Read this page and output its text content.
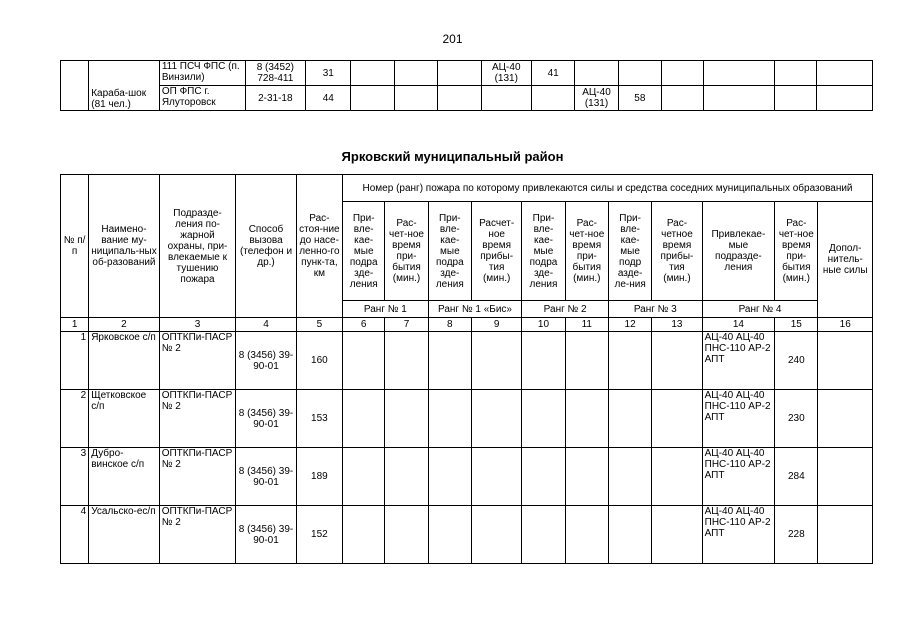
201
	Караба-шок (81 чел.)	111 ПСЧ ФПС (п. Винзили)	8 (3452) 728-411	31				АЦ-40 (131)	41						
		ОП ФПС г. Ялуторовск	2-31-18	44						АЦ-40 (131)	58				
Ярковский муниципальный район
№ п/п	Наимено-вание му-ниципаль-ных об-разований	Подразде-ления по-жарной охраны, при-влекаемые к тушению пожара	Способ вызова (телефон и др.)	Рас-стоя-ние до насе-ленно-го пунк-та, км	Номер (ранг) пожара по которому привлекаются силы и средства соседних муниципальных образований										
					При-вле-кае-мые подра зде-ления	Рас-чет-ное время при-бытия (мин.)	При-вле-кае-мые подра зде-ления	Расчет-ное время прибы-тия (мин.)	При-вле-кае-мые подра зде-ления	Рас-чет-ное время при-бытия (мин.)	При-вле-кае-мые подр азде-ле-ния	Рас-четное время прибы-тия (мин.)	Привлекае-мые подразде-ления	Рас-чет-ное время при-бытия (мин.)	Допол-нитель-ные силы
					Ранг № 1		Ранг № 1 «Бис»		Ранг № 2		Ранг № 3		Ранг № 4		
1	2	3	4	5	6	7	8	9	10	11	12	13	14	15	16
1	Ярковское с/п	ОПТКПи-ПАСР № 2	8 (3456) 39-90-01	160									АЦ-40 АЦ-40 ПНС-110 АР-2 АПТ	240	
2	Щетковское с/п	ОПТКПи-ПАСР № 2	8 (3456) 39-90-01	153									АЦ-40 АЦ-40 ПНС-110 АР-2 АПТ	230	
3	Дубро-винское с/п	ОПТКПи-ПАСР № 2	8 (3456) 39-90-01	189									АЦ-40 АЦ-40 ПНС-110 АР-2 АПТ	284	
4	Усальско-ес/п	ОПТКПи-ПАСР № 2	8 (3456) 39-90-01	152									АЦ-40 АЦ-40 ПНС-110 АР-2 АПТ	228	
